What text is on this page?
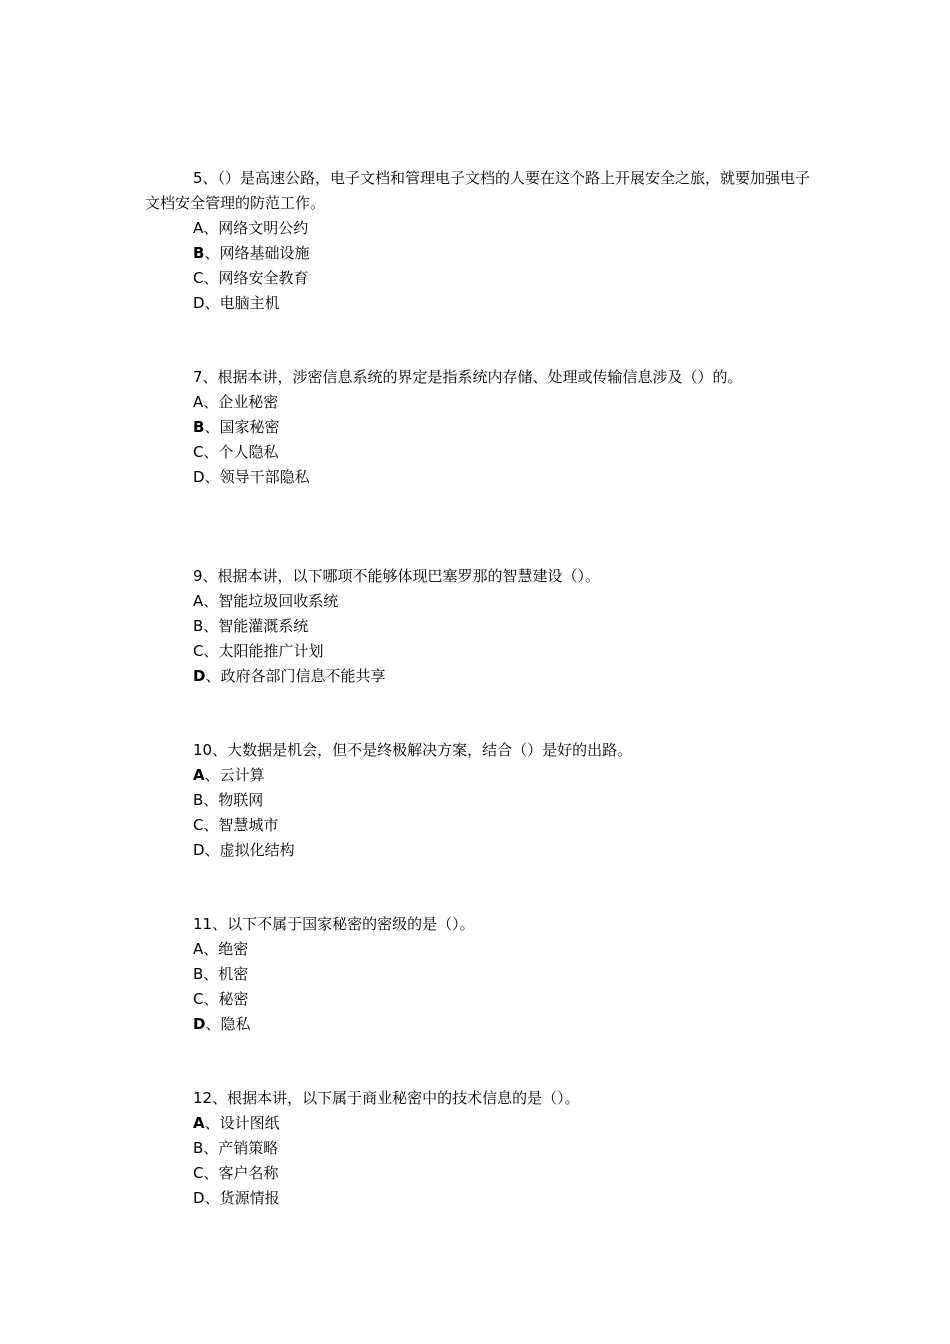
5、（）是高速公路，电子文档和管理电子文档的人要在这个路上开展安全之旅，就要加强电子文档安全管理的防范工作。

A、网络文明公约
B、网络基础设施
C、网络安全教育
D、电脑主机

7、根据本讲，涉密信息系统的界定是指系统内存储、处理或传输信息涉及（）的。

A、企业秘密
B、国家秘密
C、个人隐私
D、领导干部隐私

9、根据本讲，以下哪项不能够体现巴塞罗那的智慧建设（）。

A、智能垃圾回收系统
B、智能灌溉系统
C、太阳能推广计划
D、政府各部门信息不能共享

10、大数据是机会，但不是终极解决方案，结合（）是好的出路。

A、云计算
B、物联网
C、智慧城市
D、虚拟化结构

11、以下不属于国家秘密的密级的是（）。

A、绝密
B、机密
C、秘密
D、隐私

12、根据本讲，以下属于商业秘密中的技术信息的是（）。

A、设计图纸
B、产销策略
C、客户名称
D、货源情报
